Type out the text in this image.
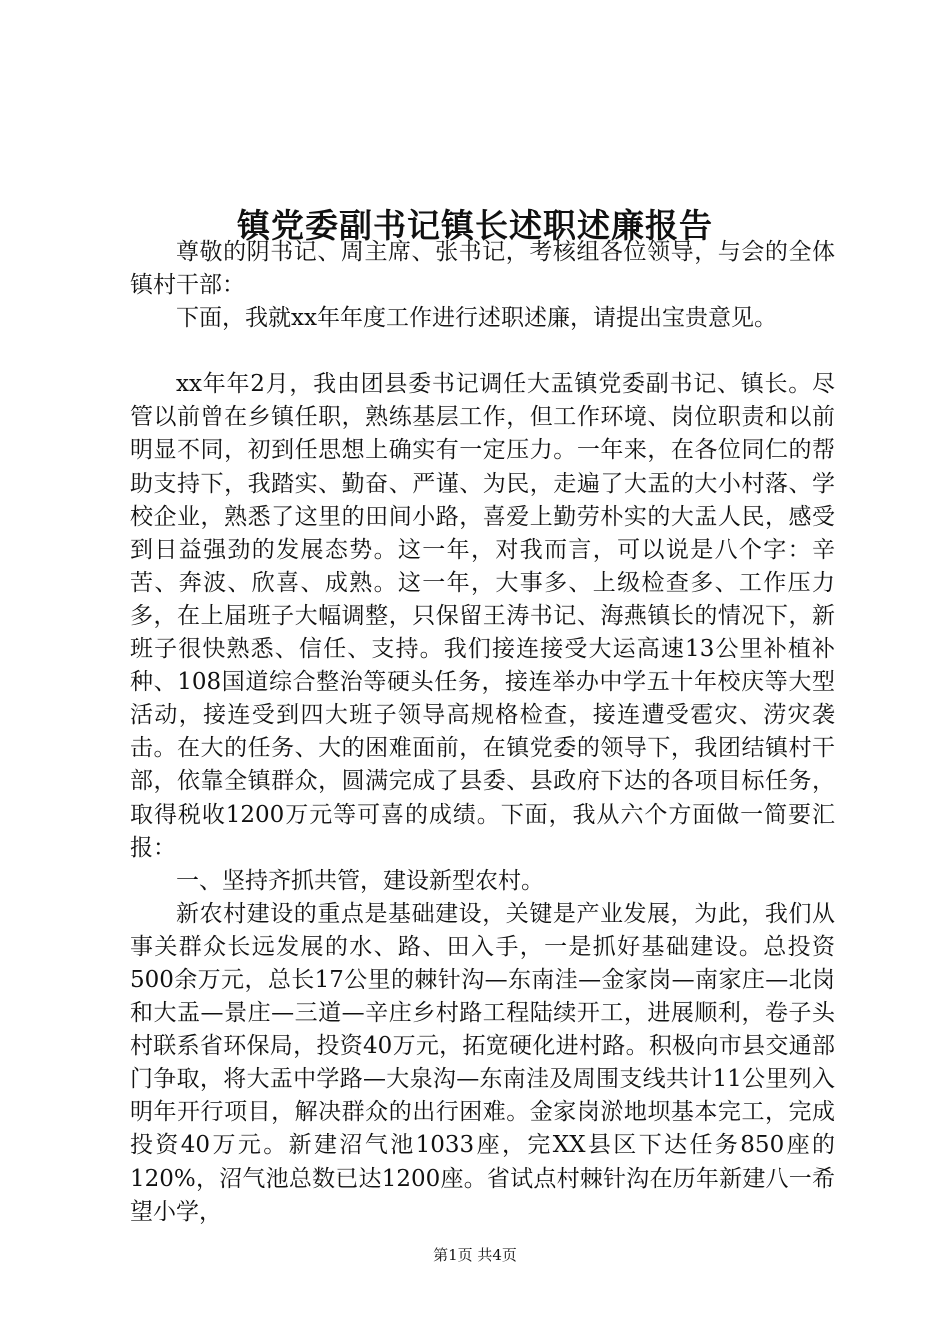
镇党委副书记镇长述职述廉报告

尊敬的阴书记、周主席、张书记，考核组各位领导，与会的全体镇村干部：

下面，我就xx年年度工作进行述职述廉，请提出宝贵意见。

xx年年2月，我由团县委书记调任大盂镇党委副书记、镇长。尽管以前曾在乡镇任职，熟练基层工作，但工作环境、岗位职责和以前明显不同，初到任思想上确实有一定压力。一年来，在各位同仁的帮助支持下，我踏实、勤奋、严谨、为民，走遍了大盂的大小村落、学校企业，熟悉了这里的田间小路，喜爱上勤劳朴实的大盂人民，感受到日益强劲的发展态势。这一年，对我而言，可以说是八个字：辛苦、奔波、欣喜、成熟。这一年，大事多、上级检查多、工作压力多，在上届班子大幅调整，只保留王涛书记、海燕镇长的情况下，新班子很快熟悉、信任、支持。我们接连接受大运高速13公里补植补种、108国道综合整治等硬头任务，接连举办中学五十年校庆等大型活动，接连受到四大班子领导高规格检查，接连遭受雹灾、涝灾袭击。在大的任务、大的困难面前，在镇党委的领导下，我团结镇村干部，依靠全镇群众，圆满完成了县委、县政府下达的各项目标任务，取得税收1200万元等可喜的成绩。下面，我从六个方面做一简要汇报：

一、坚持齐抓共管，建设新型农村。

新农村建设的重点是基础建设，关键是产业发展，为此，我们从事关群众长远发展的水、路、田入手，一是抓好基础建设。总投资500余万元，总长17公里的棘针沟—东南洼—金家岗—南家庄—北岗和大盂—景庄—三道—辛庄乡村路工程陆续开工，进展顺利，卷子头村联系省环保局，投资40万元，拓宽硬化进村路。积极向市县交通部门争取，将大盂中学路—大泉沟—东南洼及周围支线共计11公里列入明年开行项目，解决群众的出行困难。金家岗淤地坝基本完工，完成投资40万元。新建沼气池1033座，完XX县区下达任务850座的120%，沼气池总数已达1200座。省试点村棘针沟在历年新建八一希望小学，

第1页 共4页
